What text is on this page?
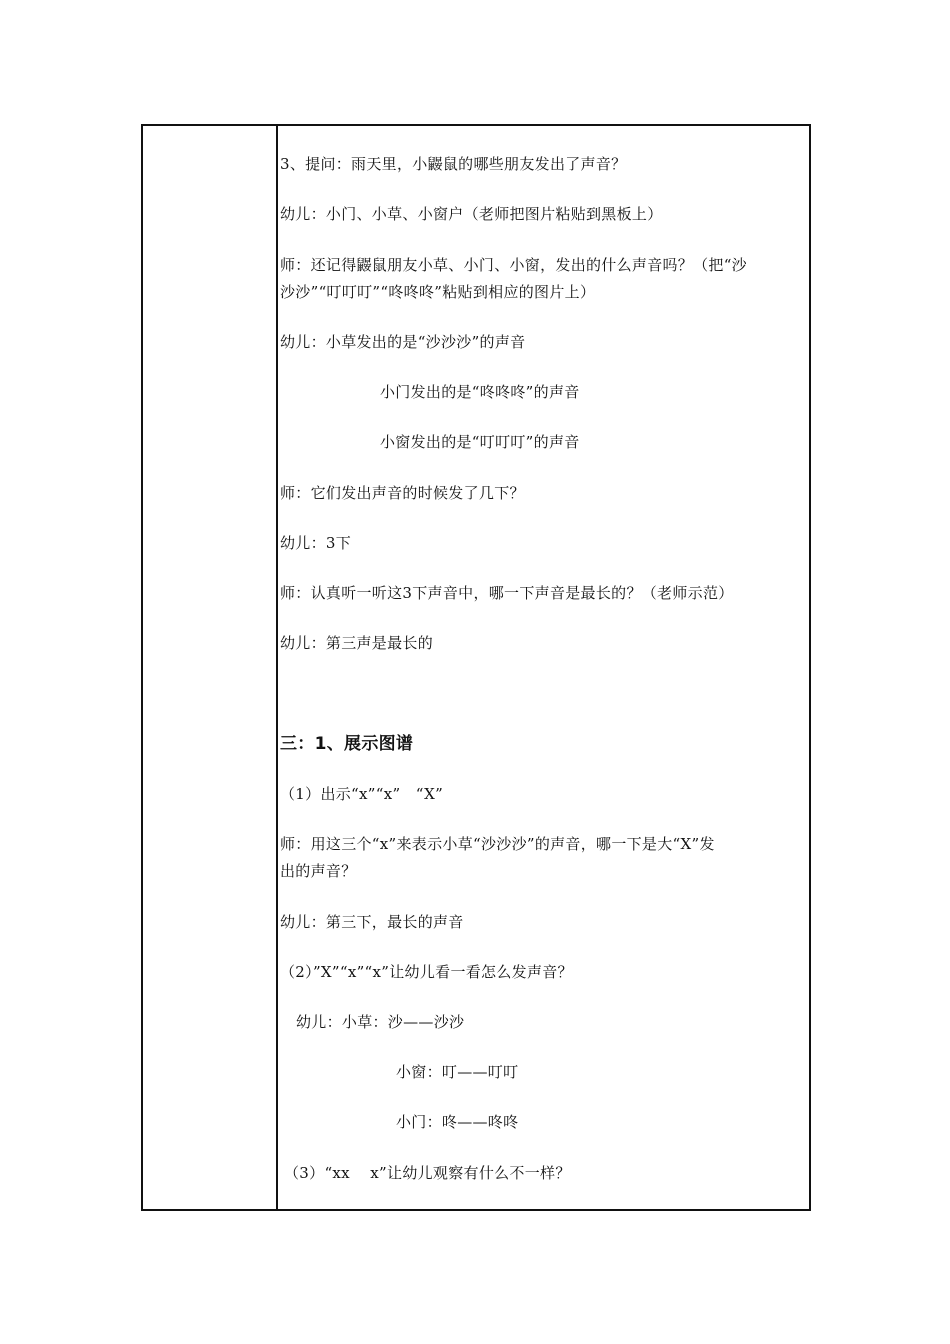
3、提问：雨天里，小鼹鼠的哪些朋友发出了声音？
幼儿：小门、小草、小窗户（老师把图片粘贴到黑板上）
师：还记得鼹鼠朋友小草、小门、小窗，发出的什么声音吗？（把“沙
沙沙”“叮叮叮”“咚咚咚”粘贴到相应的图片上）
幼儿：小草发出的是“沙沙沙”的声音
小门发出的是“咚咚咚”的声音
小窗发出的是“叮叮叮”的声音
师：它们发出声音的时候发了几下？
幼儿：3下
师：认真听一听这3下声音中，哪一下声音是最长的？（老师示范）
幼儿：第三声是最长的
三：1、展示图谱
（1）出示“x”“x”　“X”
师：用这三个“x”来表示小草“沙沙沙”的声音，哪一下是大“X”发
出的声音？
幼儿：第三下，最长的声音
（2）”X”“x”“x”让幼儿看一看怎么发声音？
幼儿：小草：沙——沙沙
小窗：叮——叮叮
小门：咚——咚咚
（3）“xx　 x”让幼儿观察有什么不一样？
